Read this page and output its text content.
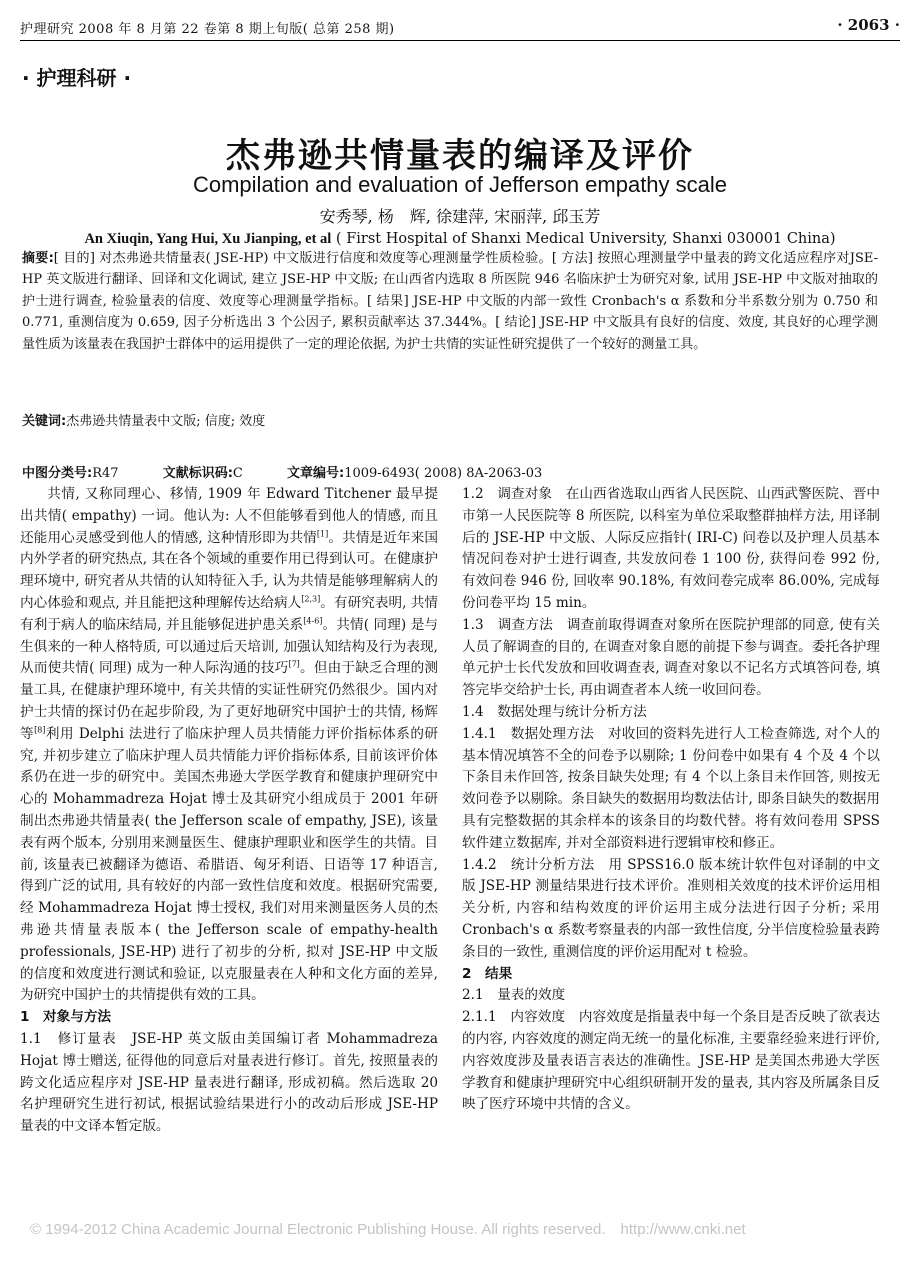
护理研究 2008 年 8 月第 22 卷第 8 期上旬版( 总第 258 期)	· 2063 ·
· 护理科研 ·
杰弗逊共情量表的编译及评价
Compilation and evaluation of Jefferson empathy scale
安秀琴, 杨　辉, 徐建萍, 宋丽萍, 邱玉芳
An Xiuqin, Yang Hui, Xu Jianping, et al ( First Hospital of Shanxi Medical University, Shanxi 030001 China)
摘要:[ 目的] 对杰弗逊共情量表( JSE-HP) 中文版进行信度和效度等心理测量学性质检验。[ 方法] 按照心理测量学中量表的跨文化适应程序对JSE-HP 英文版进行翻译、回译和文化调试, 建立 JSE-HP 中文版; 在山西省内选取 8 所医院 946 名临床护士为研究对象, 试用 JSE-HP 中文版对抽取的护士进行调查, 检验量表的信度、效度等心理测量学指标。[ 结果] JSE-HP 中文版的内部一致性 Cronbach's α 系数和分半系数分别为 0.750 和 0.771, 重测信度为 0.659, 因子分析选出 3 个公因子, 累积贡献率达 37.344%。[ 结论] JSE-HP 中文版具有良好的信度、效度, 其良好的心理学测量性质为该量表在我国护士群体中的运用提供了一定的理论依据, 为护士共情的实证性研究提供了一个较好的测量工具。
关键词:杰弗逊共情量表中文版; 信度; 效度
中图分类号:R47	文献标识码:C	文章编号:1009-6493( 2008) 8A-2063-03

共情, 又称同理心、移情, 1909 年 Edward Titchener 最早提出共情( empathy) 一词。他认为: 人不但能够看到他人的情感, 而且还能用心灵感受到他人的情感, 这种情形即为共情[1]。共情是近年来国内外学者的研究热点, 其在各个领域的重要作用已得到认可。在健康护理环境中, 研究者从共情的认知特征入手, 认为共情是能够理解病人的内心体验和观点, 并且能把这种理解传达给病人[2,3]。有研究表明, 共情有利于病人的临床结局, 并且能够促进护患关系[4-6]。共情( 同理) 是与生俱来的一种人格特质, 可以通过后天培训, 加强认知结构及行为表现, 从而使共情( 同理) 成为一种人际沟通的技巧[7]。但由于缺乏合理的测量工具, 在健康护理环境中, 有关共情的实证性研究仍然很少。国内对护士共情的探讨仍在起步阶段, 为了更好地研究中国护士的共情, 杨辉等[8]利用 Delphi 法进行了临床护理人员共情能力评价指标体系的研究, 并初步建立了临床护理人员共情能力评价指标体系, 目前该评价体系仍在进一步的研究中。美国杰弗逊大学医学教育和健康护理研究中心的 Mohammadreza Hojat 博士及其研究小组成员于 2001 年研制出杰弗逊共情量表( the Jefferson scale of empathy, JSE), 该量表有两个版本, 分别用来测量医生、健康护理职业和医学生的共情。目前, 该量表已被翻译为德语、希腊语、匈牙利语、日语等 17 种语言, 得到广泛的试用, 具有较好的内部一致性信度和效度。根据研究需要, 经 Mohammadreza Hojat 博士授权, 我们对用来测量医务人员的杰弗逊共情量表版本( the Jefferson scale of empathy-health professionals, JSE-HP) 进行了初步的分析, 拟对 JSE-HP 中文版的信度和效度进行测试和验证, 以克服量表在人种和文化方面的差异, 为研究中国护士的共情提供有效的工具。

1　对象与方法

1.1　修订量表　JSE-HP 英文版由美国编订者 Mohammadreza Hojat 博士赠送, 征得他的同意后对量表进行修订。首先, 按照量表的跨文化适应程序对 JSE-HP 量表进行翻译, 形成初稿。然后选取 20 名护理研究生进行初试, 根据试验结果进行小的改动后形成 JSE-HP 量表的中文译本暂定版。

1.2　调查对象　在山西省选取山西省人民医院、山西武警医院、晋中市第一人民医院等 8 所医院, 以科室为单位采取整群抽样方法, 用译制后的 JSE-HP 中文版、人际反应指针( IRI-C) 问卷以及护理人员基本情况问卷对护士进行调查, 共发放问卷 1 100 份, 获得问卷 992 份, 有效问卷 946 份, 回收率 90.18%, 有效问卷完成率 86.00%, 完成每份问卷平均 15 min。

1.3　调查方法　调查前取得调查对象所在医院护理部的同意, 使有关人员了解调查的目的, 在调查对象自愿的前提下参与调查。委托各护理单元护士长代发放和回收调查表, 调查对象以不记名方式填答问卷, 填答完毕交给护士长, 再由调查者本人统一收回问卷。

1.4　数据处理与统计分析方法

1.4.1　数据处理方法　对收回的资料先进行人工检查筛选, 对个人的基本情况填答不全的问卷予以剔除; 1 份问卷中如果有 4 个及 4 个以下条目未作回答, 按条目缺失处理; 有 4 个以上条目未作回答, 则按无效问卷予以剔除。条目缺失的数据用均数法估计, 即条目缺失的数据用具有完整数据的其余样本的该条目的均数代替。将有效问卷用 SPSS 软件建立数据库, 并对全部资料进行逻辑审校和修正。

1.4.2　统计分析方法　用 SPSS16.0 版本统计软件包对译制的中文版 JSE-HP 测量结果进行技术评价。准则相关效度的技术评价运用相关分析, 内容和结构效度的评价运用主成分法进行因子分析; 采用 Cronbach's α 系数考察量表的内部一致性信度, 分半信度检验量表跨条目的一致性, 重测信度的评价运用配对 t 检验。

2　结果

2.1　量表的效度

2.1.1　内容效度　内容效度是指量表中每一个条目是否反映了欲表达的内容, 内容效度的测定尚无统一的量化标准, 主要靠经验来进行评价, 内容效度涉及量表语言表达的准确性。JSE-HP 是美国杰弗逊大学医学教育和健康护理研究中心组织研制开发的量表, 其内容及所属条目反映了医疗环境中共情的含义。

© 1994-2012 China Academic Journal Electronic Publishing House. All rights reserved.　http://www.cnki.net
